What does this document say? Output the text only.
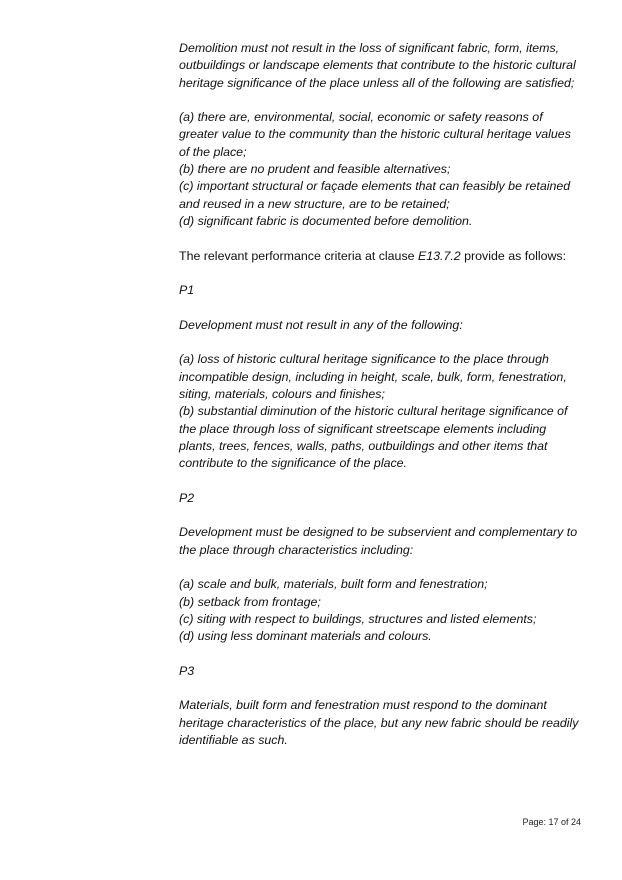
Demolition must not result in the loss of significant fabric, form, items, outbuildings or landscape elements that contribute to the historic cultural heritage significance of the place unless all of the following are satisfied;

(a) there are, environmental, social, economic or safety reasons of greater value to the community than the historic cultural heritage values of the place;

(b) there are no prudent and feasible alternatives;

(c) important structural or façade elements that can feasibly be retained and reused in a new structure, are to be retained;

(d) significant fabric is documented before demolition.

The relevant performance criteria at clause E13.7.2 provide as follows:

P1

Development must not result in any of the following:

(a) loss of historic cultural heritage significance to the place through incompatible design, including in height, scale, bulk, form, fenestration, siting, materials, colours and finishes;

(b) substantial diminution of the historic cultural heritage significance of the place through loss of significant streetscape elements including plants, trees, fences, walls, paths, outbuildings and other items that contribute to the significance of the place.

P2

Development must be designed to be subservient and complementary to the place through characteristics including:

(a) scale and bulk, materials, built form and fenestration;

(b) setback from frontage;

(c) siting with respect to buildings, structures and listed elements;

(d) using less dominant materials and colours.

P3

Materials, built form and fenestration must respond to the dominant heritage characteristics of the place, but any new fabric should be readily identifiable as such.

Page: 17 of 24
